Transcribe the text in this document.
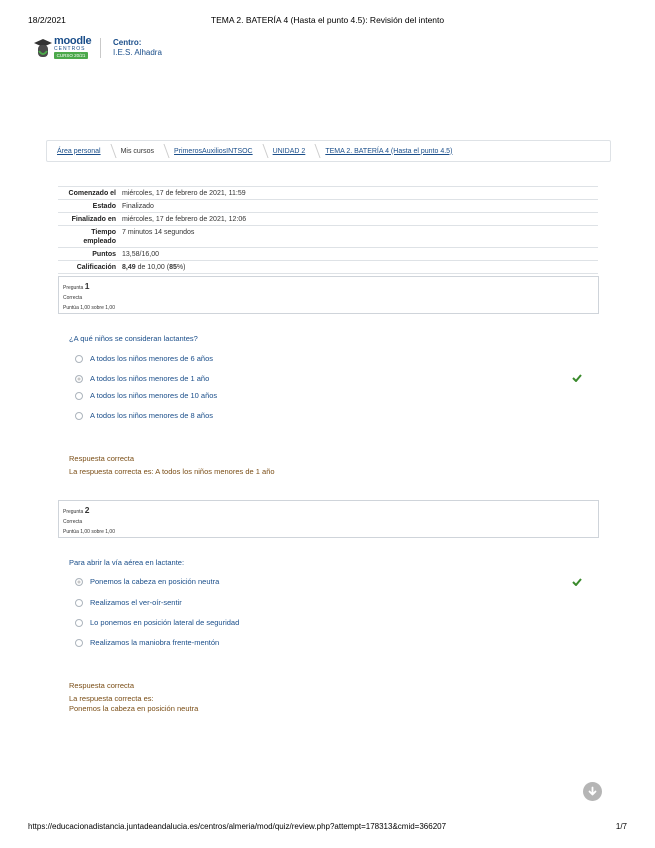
18/2/2021	TEMA 2. BATERÍA 4 (Hasta el punto 4.5): Revisión del intento
moodle
CENTROS
CURSO 20/21
Centro:
I.E.S. Alhadra
Área personal	Mis cursos	PrimerosAuxiliosINTSOC	UNIDAD 2	TEMA 2. BATERÍA 4 (Hasta el punto 4.5)
Comenzado el miércoles, 17 de febrero de 2021, 11:59
Estado Finalizado
Finalizado en miércoles, 17 de febrero de 2021, 12:06
Tiempo empleado
7 minutos 14 segundos
Puntos 13,58/16,00
Calificación 8,49 de 10,00 (85%)
Pregunta 1
Correcta
Puntúa 1,00 sobre 1,00
¿A qué niños se consideran lactantes?
A todos los niños menores de 6 años
A todos los niños menores de 1 año
A todos los niños menores de 10 años
A todos los niños menores de 8 años
Respuesta correcta
La respuesta correcta es: A todos los niños menores de 1 año
Pregunta 2
Correcta
Puntúa 1,00 sobre 1,00
Para abrir la vía aérea en lactante:
Ponemos la cabeza en posición neutra
Realizamos el ver-oír-sentir
Lo ponemos en posición lateral de seguridad
Realizamos la maniobra frente-mentón
Respuesta correcta
La respuesta correcta es:
Ponemos la cabeza en posición neutra
https://educacionadistancia.juntadeandalucia.es/centros/almeria/mod/quiz/review.php?attempt=178313&cmid=366207	1/7
